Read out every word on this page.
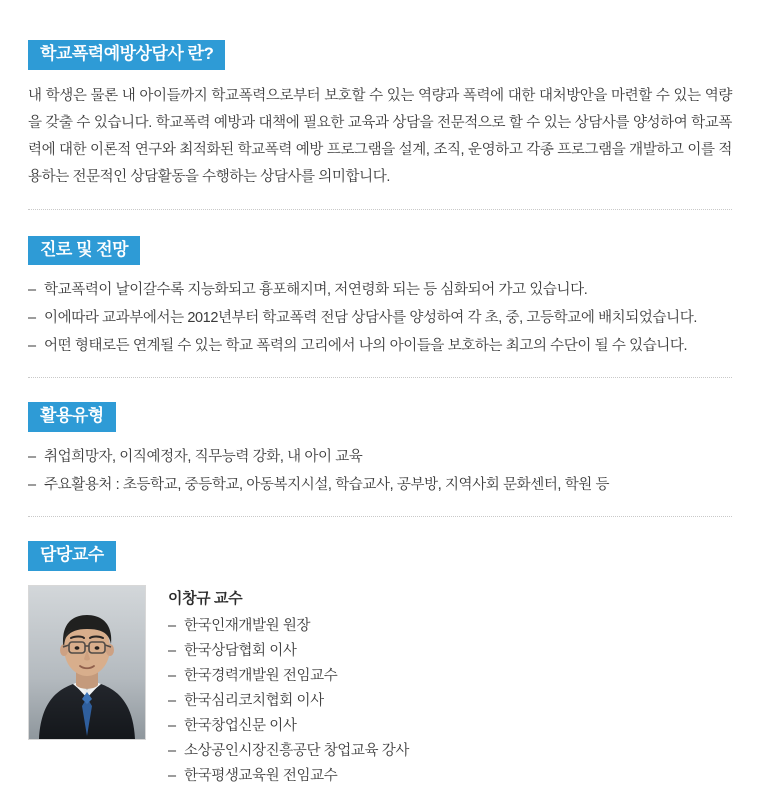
학교폭력예방상담사 란?

내 학생은 물론 내 아이들까지 학교폭력으로부터 보호할 수 있는 역량과 폭력에 대한 대처방안을 마련할 수 있는 역량을 갖출 수 있습니다. 학교폭력 예방과 대책에 필요한 교육과 상담을 전문적으로 할 수 있는 상담사를 양성하여 학교폭력에 대한 이론적 연구와 최적화된 학교폭력 예방 프로그램을 설계, 조직, 운영하고 각종 프로그램을 개발하고 이를 적용하는 전문적인 상담활동을 수행하는 상담사를 의미합니다.

진로 및 전망
– 학교폭력이 날이갈수록 지능화되고 흉포해지며, 저연령화 되는 등 심화되어 가고 있습니다.
– 이에따라 교과부에서는 2012년부터 학교폭력 전담 상담사를 양성하여 각 초, 중, 고등학교에 배치되었습니다.
– 어떤 형태로든 연계될 수 있는 학교 폭력의 고리에서 나의 아이들을 보호하는 최고의 수단이 될 수 있습니다.
활용유형
– 취업희망자, 이직예정자, 직무능력 강화, 내 아이 교육
– 주요활용처 : 초등학교, 중등학교, 아동복지시설, 학습교사, 공부방, 지역사회 문화센터, 학원 등
담당교수
이창규 교수
– 한국인재개발원 원장
– 한국상담협회 이사
– 한국경력개발원 전임교수
– 한국심리코치협회 이사
– 한국창업신문 이사
– 소상공인시장진흥공단 창업교육 강사
– 한국평생교육원 전임교수
